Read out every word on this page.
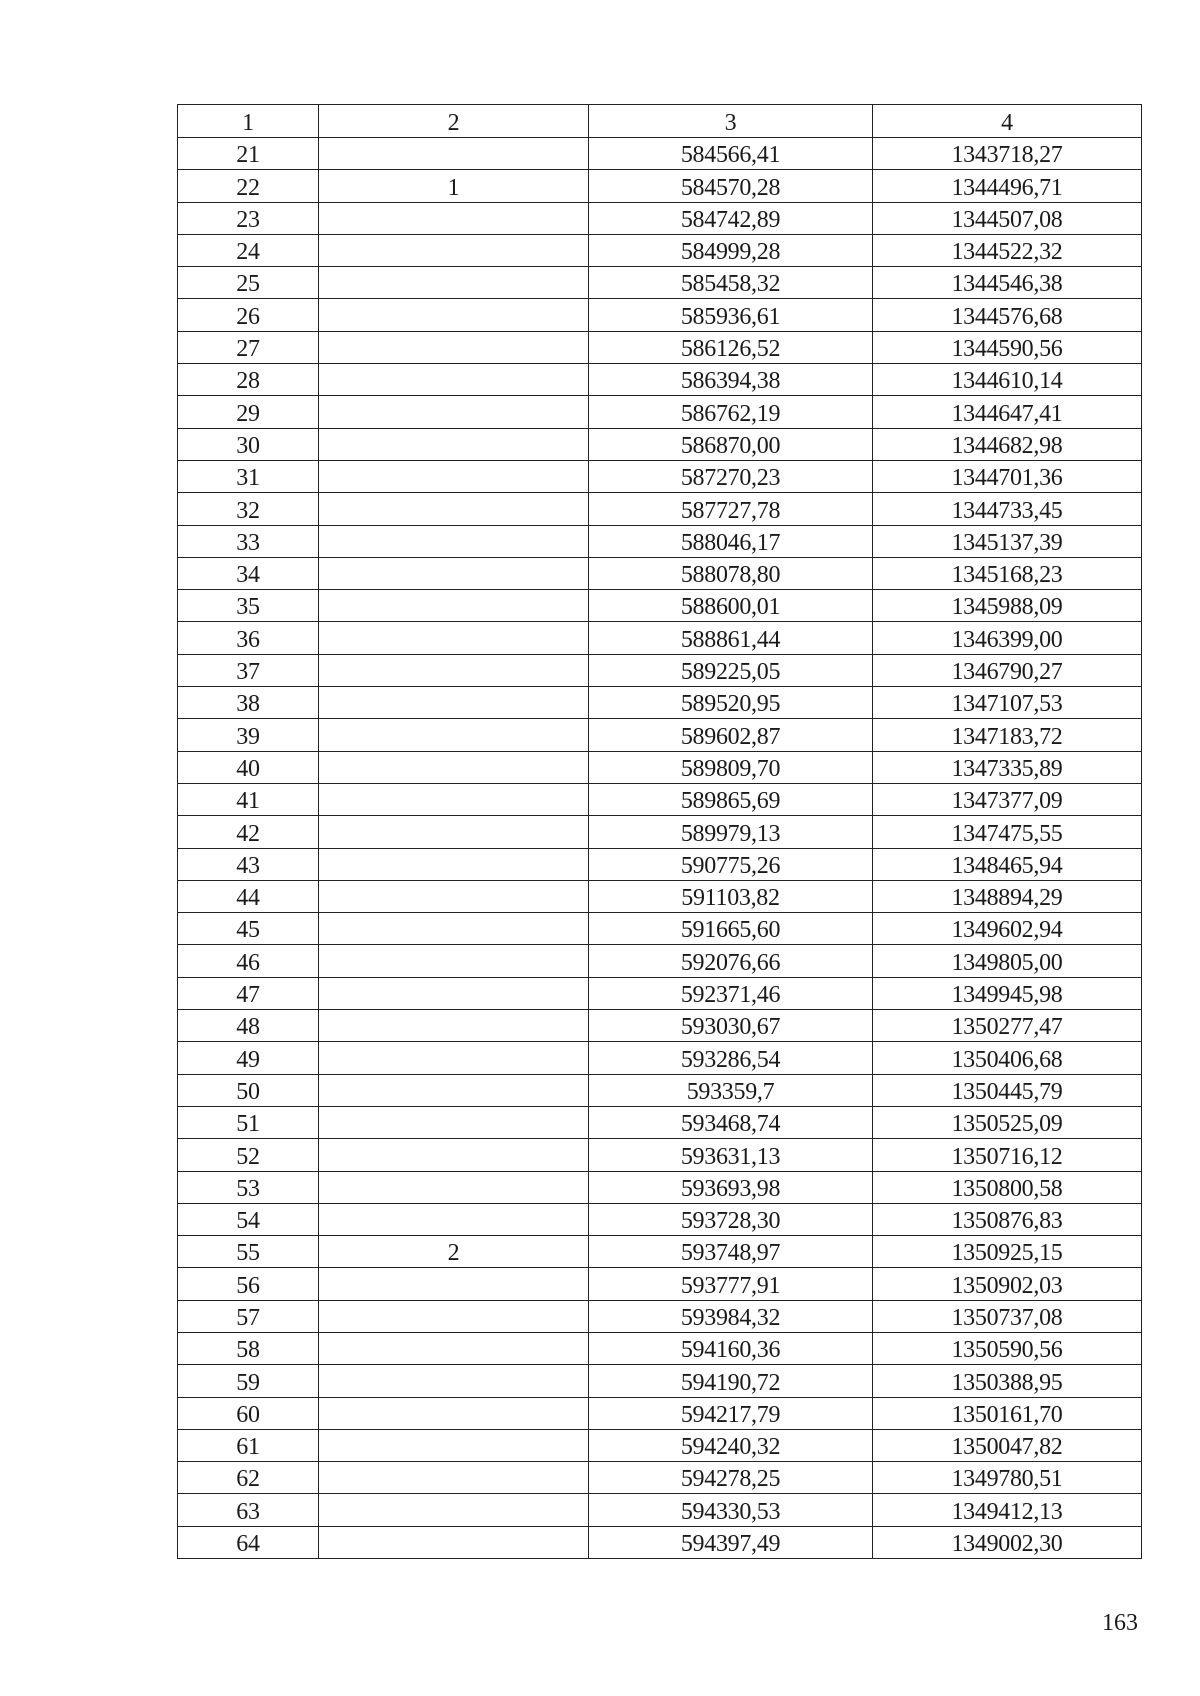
1	2	3	4
21		584566,41	1343718,27
22	1	584570,28	1344496,71
23		584742,89	1344507,08
24		584999,28	1344522,32
25		585458,32	1344546,38
26		585936,61	1344576,68
27		586126,52	1344590,56
28		586394,38	1344610,14
29		586762,19	1344647,41
30		586870,00	1344682,98
31		587270,23	1344701,36
32		587727,78	1344733,45
33		588046,17	1345137,39
34		588078,80	1345168,23
35		588600,01	1345988,09
36		588861,44	1346399,00
37		589225,05	1346790,27
38		589520,95	1347107,53
39		589602,87	1347183,72
40		589809,70	1347335,89
41		589865,69	1347377,09
42		589979,13	1347475,55
43		590775,26	1348465,94
44		591103,82	1348894,29
45		591665,60	1349602,94
46		592076,66	1349805,00
47		592371,46	1349945,98
48		593030,67	1350277,47
49		593286,54	1350406,68
50		593359,7	1350445,79
51		593468,74	1350525,09
52		593631,13	1350716,12
53		593693,98	1350800,58
54		593728,30	1350876,83
55	2	593748,97	1350925,15
56		593777,91	1350902,03
57		593984,32	1350737,08
58		594160,36	1350590,56
59		594190,72	1350388,95
60		594217,79	1350161,70
61		594240,32	1350047,82
62		594278,25	1349780,51
63		594330,53	1349412,13
64		594397,49	1349002,30
163
